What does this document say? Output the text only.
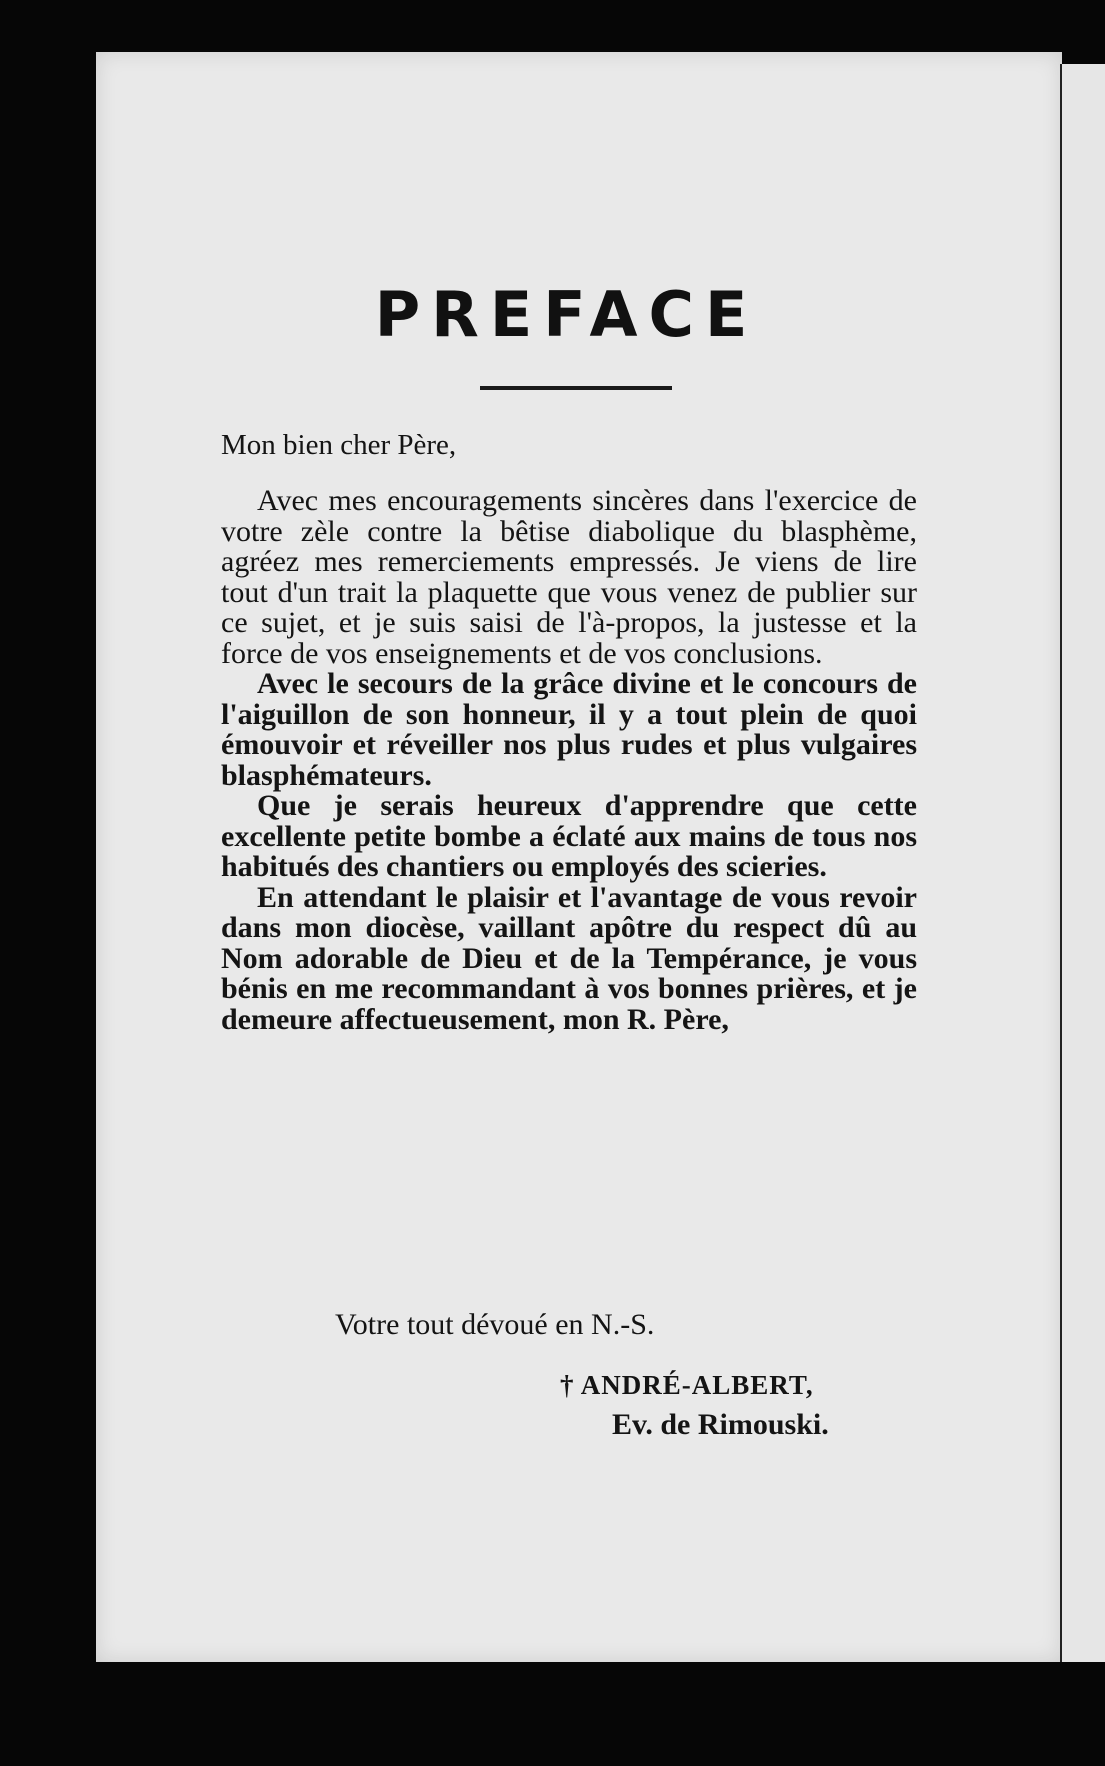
PREFACE

Mon bien cher Père,

Avec mes encouragements sincères dans l'exercice de votre zèle contre la bêtise diabolique du blasphème, agréez mes remerciements empressés. Je viens de lire tout d'un trait la plaquette que vous venez de publier sur ce sujet, et je suis saisi de l'à-propos, la justesse et la force de vos enseignements et de vos conclusions.

Avec le secours de la grâce divine et le concours de l'aiguillon de son honneur, il y a tout plein de quoi émouvoir et réveiller nos plus rudes et plus vulgaires blasphémateurs.

Que je serais heureux d'apprendre que cette excellente petite bombe a éclaté aux mains de tous nos habitués des chantiers ou employés des scieries.

En attendant le plaisir et l'avantage de vous revoir dans mon diocèse, vaillant apôtre du respect dû au Nom adorable de Dieu et de la Tempérance, je vous bénis en me recommandant à vos bonnes prières, et je demeure affectueusement, mon R. Père,

Votre tout dévoué en N.-S.
† ANDRÉ-ALBERT,
Ev. de Rimouski.
